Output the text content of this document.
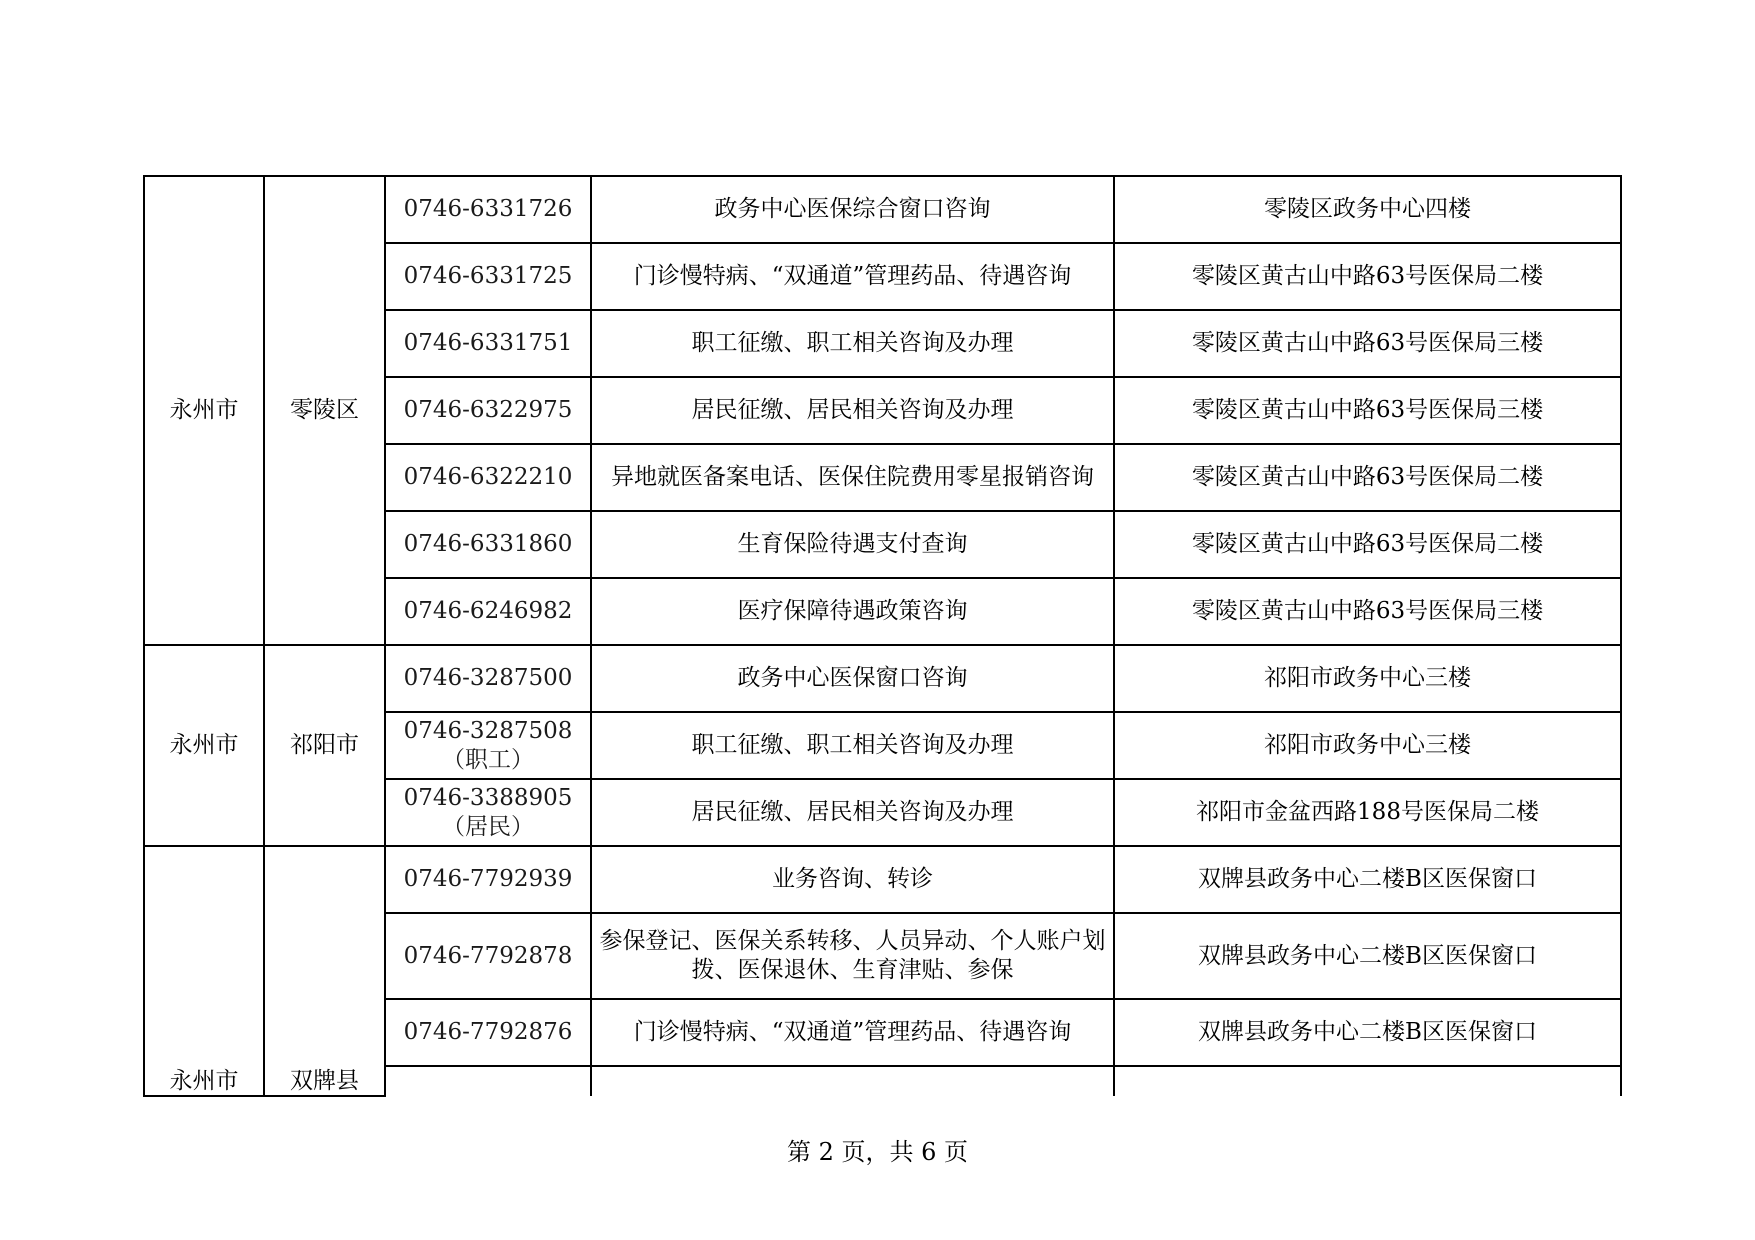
永州市	零陵区	0746-6331726	政务中心医保综合窗口咨询	零陵区政务中心四楼
		0746-6331725	门诊慢特病、“双通道”管理药品、待遇咨询	零陵区黄古山中路63号医保局二楼
		0746-6331751	职工征缴、职工相关咨询及办理	零陵区黄古山中路63号医保局三楼
		0746-6322975	居民征缴、居民相关咨询及办理	零陵区黄古山中路63号医保局三楼
		0746-6322210	异地就医备案电话、医保住院费用零星报销咨询	零陵区黄古山中路63号医保局二楼
		0746-6331860	生育保险待遇支付查询	零陵区黄古山中路63号医保局二楼
		0746-6246982	医疗保障待遇政策咨询	零陵区黄古山中路63号医保局三楼
永州市	祁阳市	0746-3287500	政务中心医保窗口咨询	祁阳市政务中心三楼
		0746-3287508（职工）	职工征缴、职工相关咨询及办理	祁阳市政务中心三楼
		0746-3388905（居民）	居民征缴、居民相关咨询及办理	祁阳市金盆西路188号医保局二楼
永州市	双牌县	0746-7792939	业务咨询、转诊	双牌县政务中心二楼B区医保窗口
		0746-7792878	参保登记、医保关系转移、人员异动、个人账户划拨、医保退休、生育津贴、参保	双牌县政务中心二楼B区医保窗口
		0746-7792876	门诊慢特病、“双通道”管理药品、待遇咨询	双牌县政务中心二楼B区医保窗口

第 2 页，共 6 页
